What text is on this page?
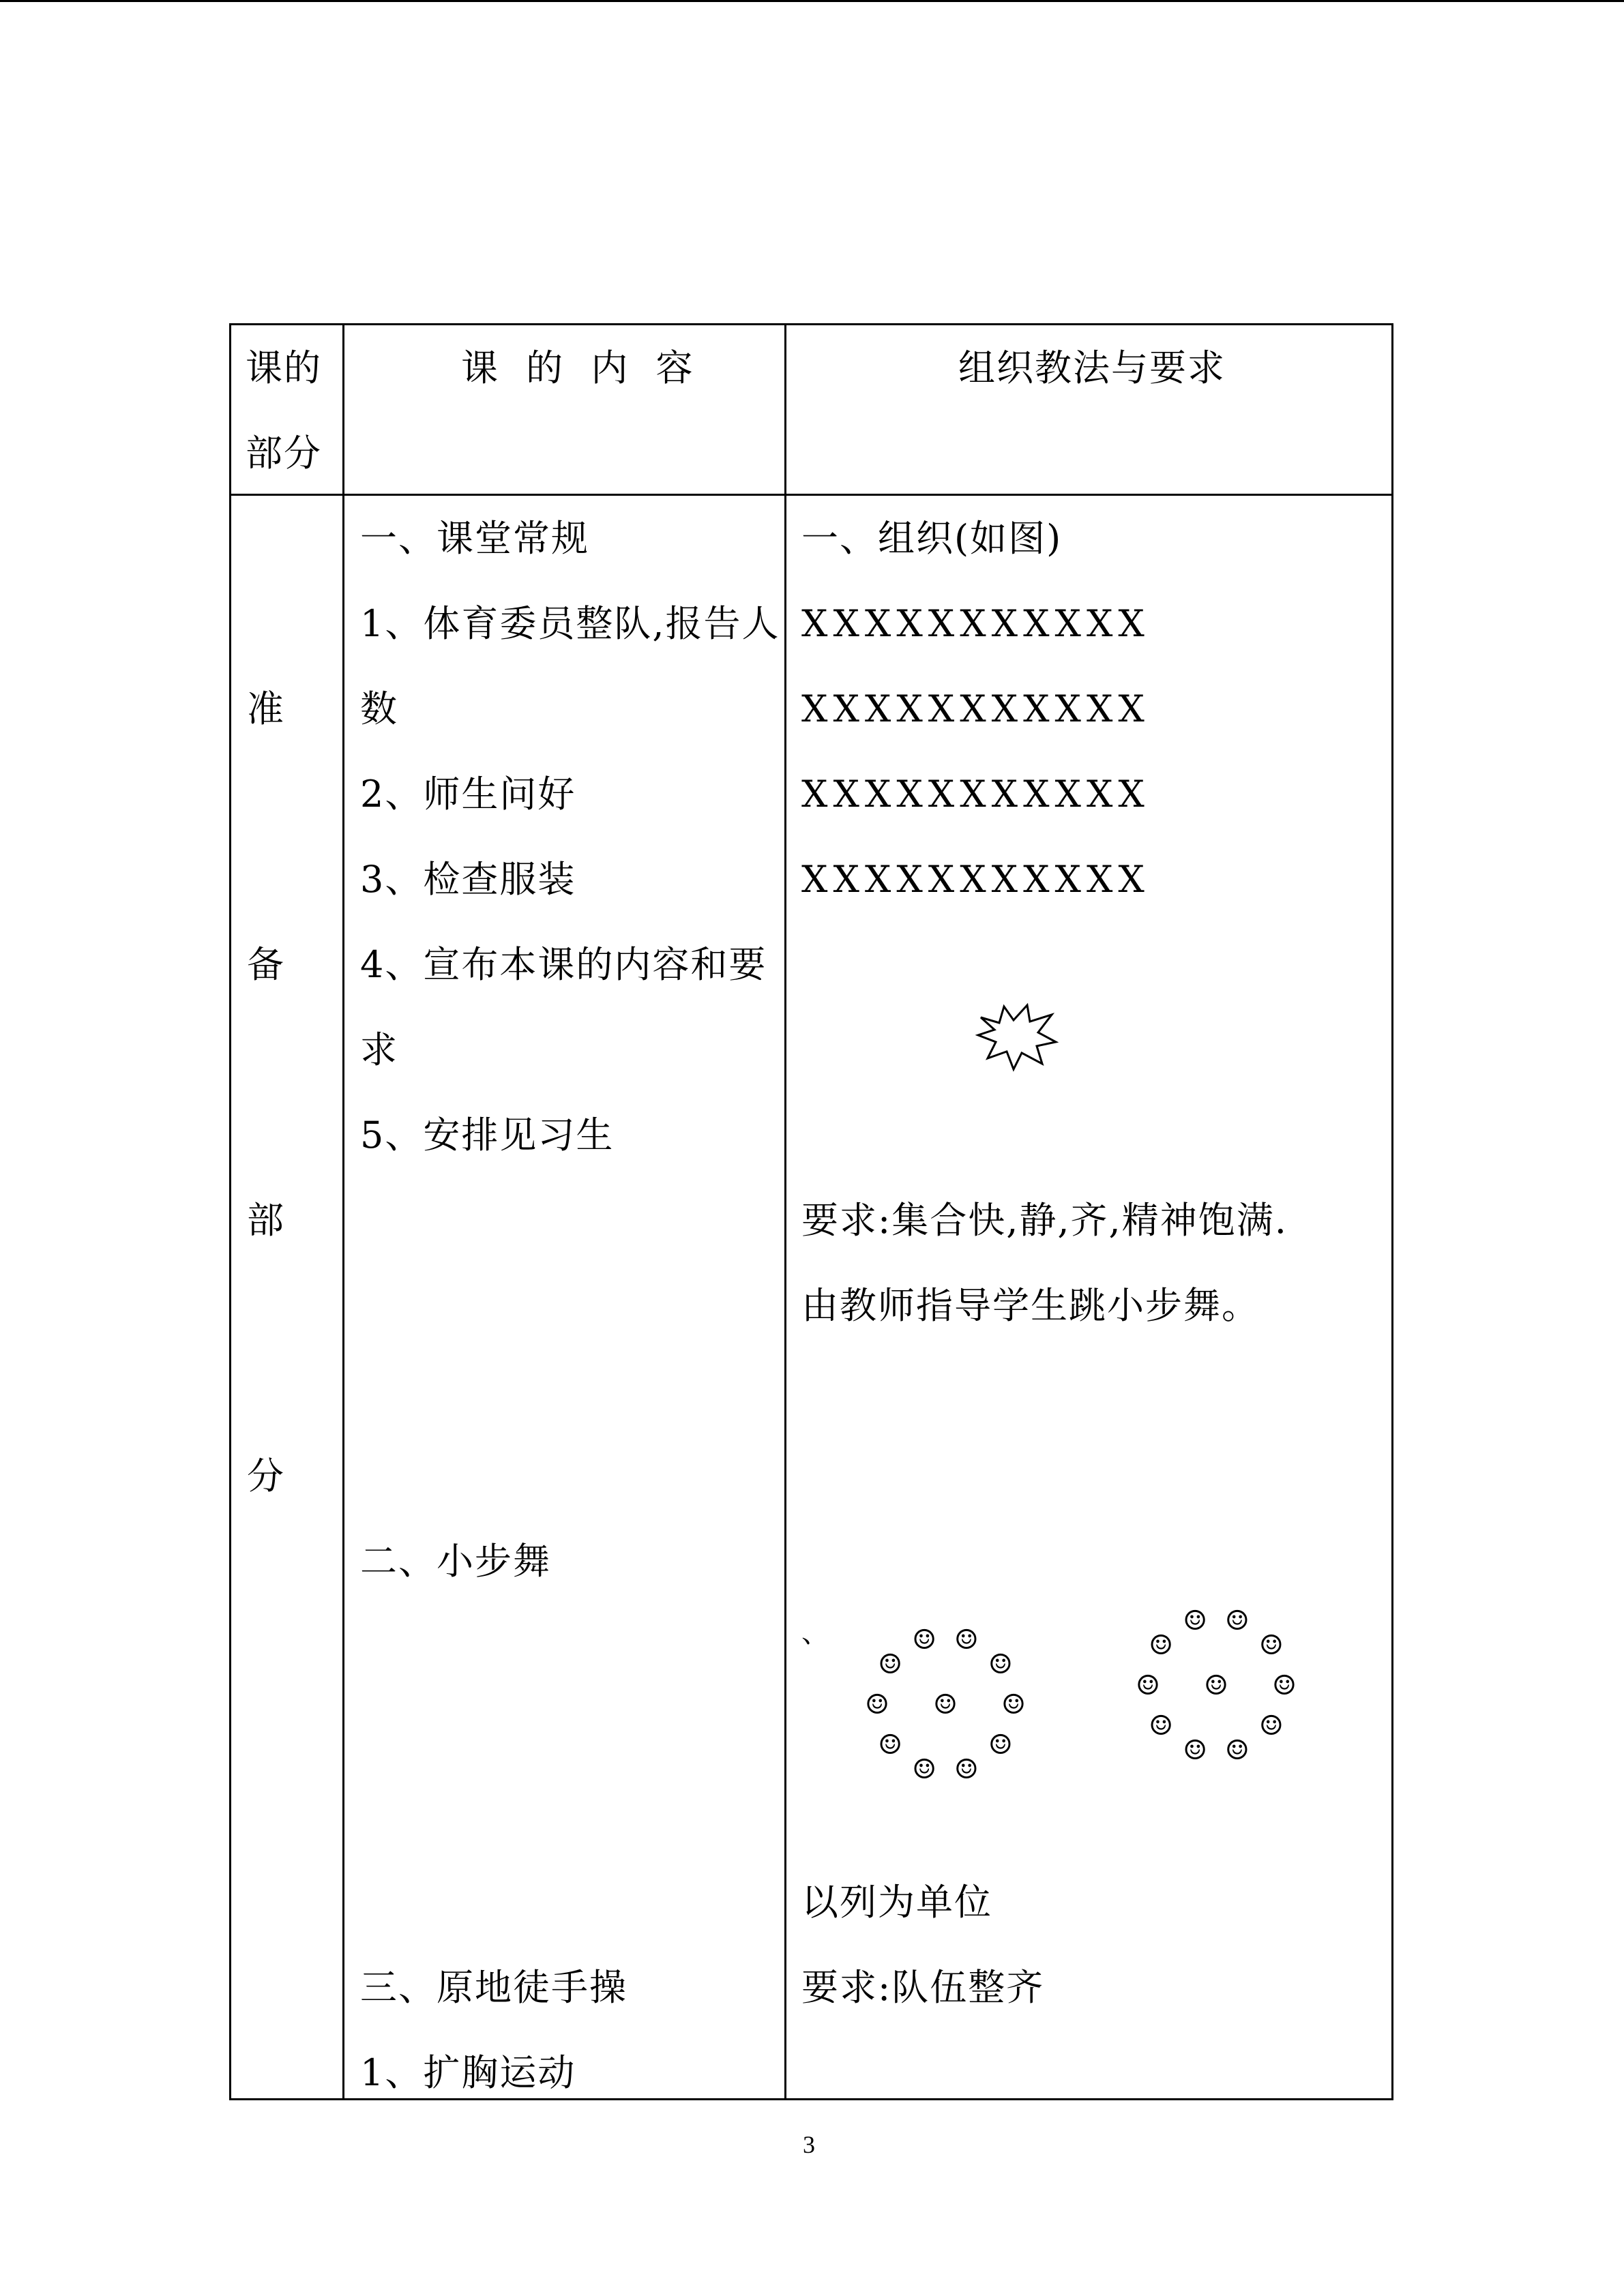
课的
部分
课 的 内 容	组织教法与要求
准
备
部
分
一、课堂常规
1、体育委员整队,报告人
数
2、师生问好
3、检查服装
4、宣布本课的内容和要
求
5、安排见习生
二、小步舞
三、原地徒手操
1、扩胸运动
一、组织(如图)
XXXXXXXXXXX
XXXXXXXXXXX
XXXXXXXXXXX
XXXXXXXXXXX
要求:集合快,静,齐,精神饱满.
由教师指导学生跳小步舞。
、
☺ ☺
☺
☺
☺
☺
☺
☺
☺ ☺
☺
☺ ☺
☺
☺
☺
☺
☺
☺
☺ ☺
☺
以列为单位
要求:队伍整齐
3
